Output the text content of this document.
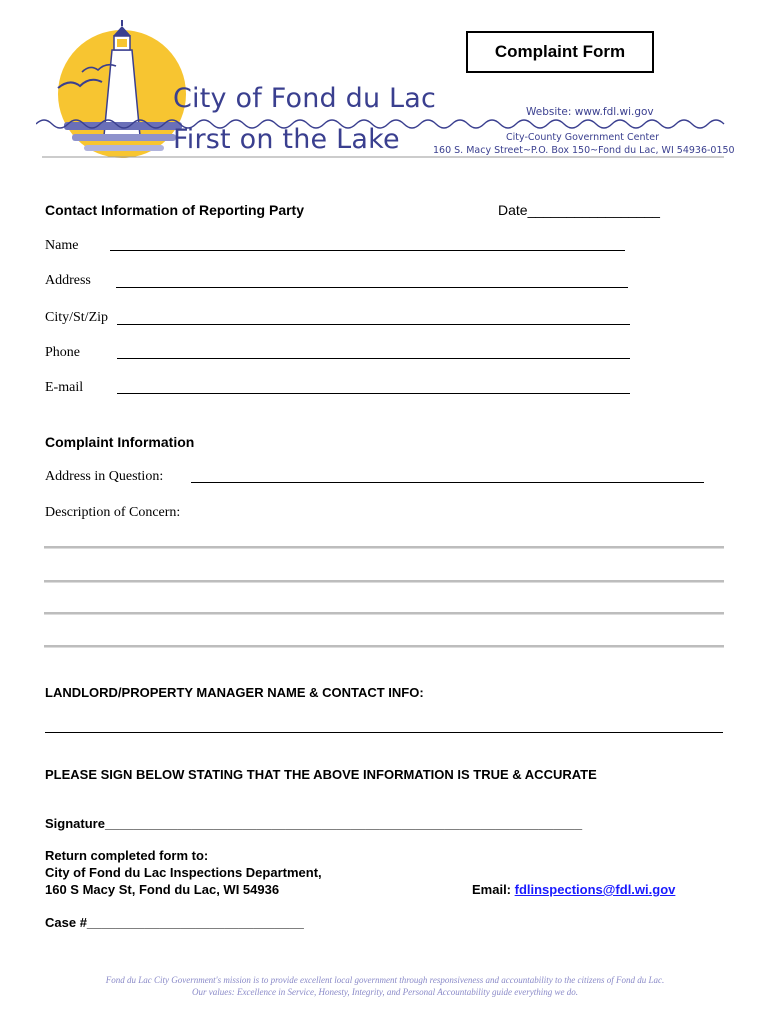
City of Fond du Lac
First on the Lake
Website: www.fdl.wi.gov
City-County Government Center
160 S. Macy Street~P.O. Box 150~Fond du Lac, WI 54936-0150
Complaint Form
Contact Information of Reporting Party	Date_________________
Name
Address
City/St/Zip
Phone
E-mail
Complaint Information
Address in Question:
Description of Concern:
LANDLORD/PROPERTY MANAGER NAME & CONTACT INFO:
PLEASE SIGN BELOW STATING THAT THE ABOVE INFORMATION IS TRUE & ACCURATE
Signature__________________________________________________________________
Return completed form to:
City of Fond du Lac Inspections Department,
160 S Macy St, Fond du Lac, WI 54936	Email: fdlinspections@fdl.wi.gov
Case #______________________________
Fond du Lac City Government's mission is to provide excellent local government through responsiveness and accountability to the citizens of Fond du Lac.
Our values: Excellence in Service, Honesty, Integrity, and Personal Accountability guide everything we do.
